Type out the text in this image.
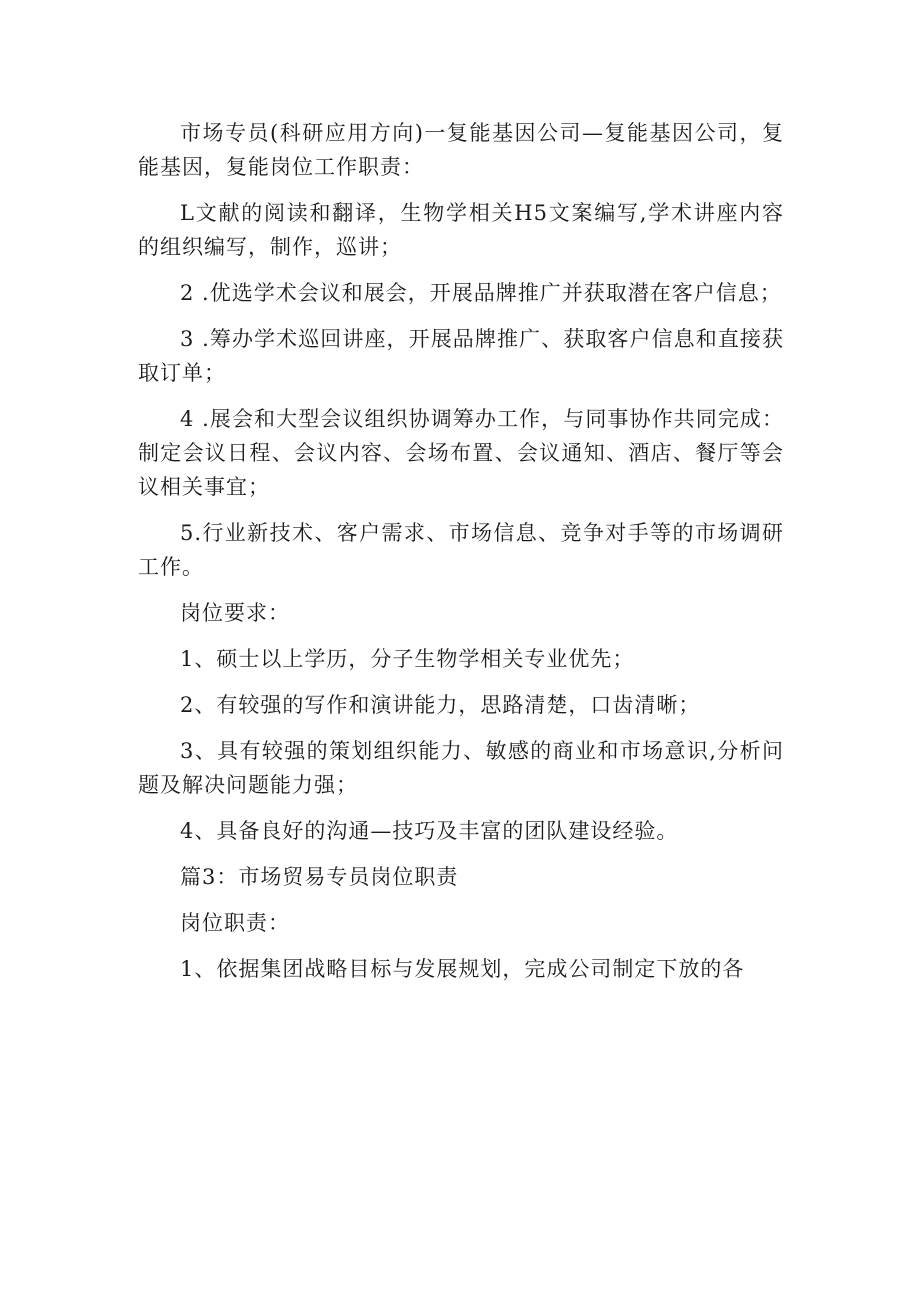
市场专员(科研应用方向)一复能基因公司—复能基因公司，复能基因，复能岗位工作职责：

L文献的阅读和翻译，生物学相关H5文案编写,学术讲座内容的组织编写，制作，巡讲；

2 .优选学术会议和展会，开展品牌推广并获取潜在客户信息；

3 .筹办学术巡回讲座，开展品牌推广、获取客户信息和直接获取订单；

4 .展会和大型会议组织协调筹办工作，与同事协作共同完成：制定会议日程、会议内容、会场布置、会议通知、酒店、餐厅等会议相关事宜；

5.行业新技术、客户需求、市场信息、竞争对手等的市场调研工作。

岗位要求：

1、硕士以上学历，分子生物学相关专业优先；

2、有较强的写作和演讲能力，思路清楚，口齿清晰；

3、具有较强的策划组织能力、敏感的商业和市场意识,分析问题及解决问题能力强；

4、具备良好的沟通—技巧及丰富的团队建设经验。

篇3：市场贸易专员岗位职责

岗位职责：

1、依据集团战略目标与发展规划，完成公司制定下放的各
